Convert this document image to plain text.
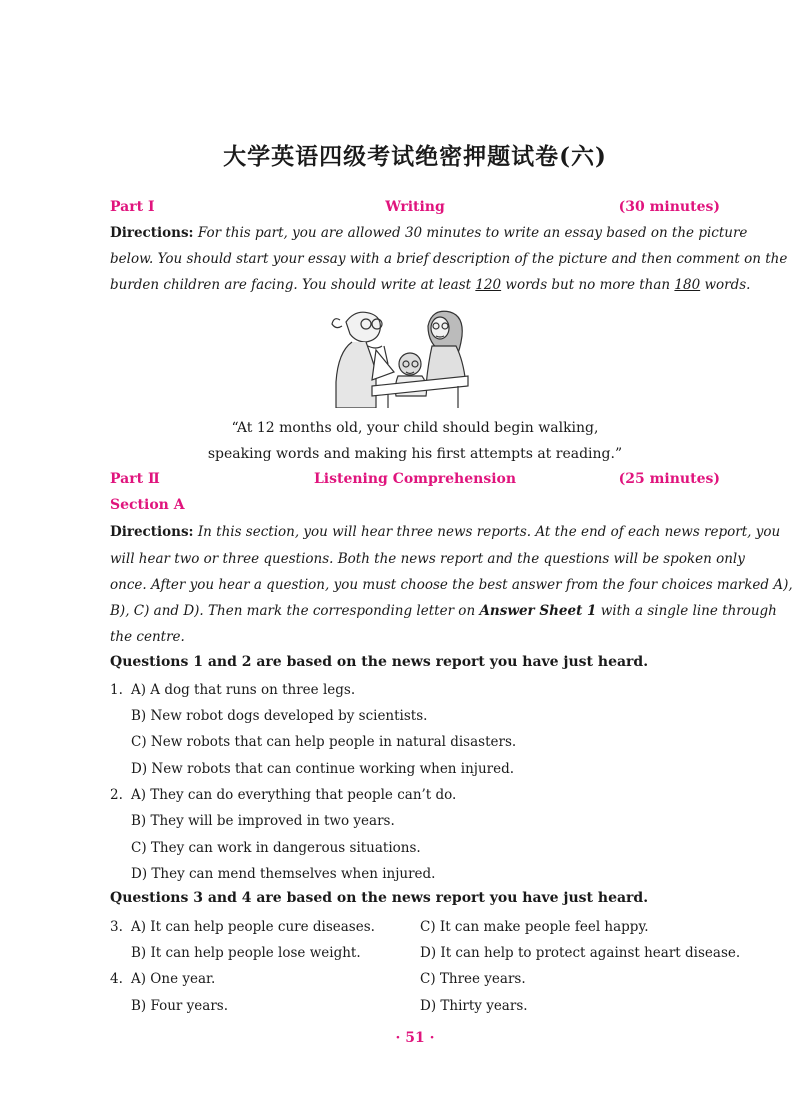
大学英语四级考试绝密押题试卷(六)
Part Ⅰ	Writing	(30 minutes)
Directions: For this part, you are allowed 30 minutes to write an essay based on the picture
below. You should start your essay with a brief description of the picture and then comment on the
burden children are facing. You should write at least 120 words but no more than 180 words.
“At 12 months old, your child should begin walking,
speaking words and making his first attempts at reading.”
Part Ⅱ	Listening Comprehension	(25 minutes)
Section A
Directions: In this section, you will hear three news reports. At the end of each news report, you
will hear two or three questions. Both the news report and the questions will be spoken only
once. After you hear a question, you must choose the best answer from the four choices marked A),
B), C) and D). Then mark the corresponding letter on Answer Sheet 1 with a single line through
the centre.
Questions 1 and 2 are based on the news report you have just heard.
1. A) A dog that runs on three legs.
B) New robot dogs developed by scientists.
C) New robots that can help people in natural disasters.
D) New robots that can continue working when injured.
2. A) They can do everything that people can’t do.
B) They will be improved in two years.
C) They can work in dangerous situations.
D) They can mend themselves when injured.
Questions 3 and 4 are based on the news report you have just heard.
3. A) It can help people cure diseases.	C) It can make people feel happy.
B) It can help people lose weight.	D) It can help to protect against heart disease.
4. A) One year.	C) Three years.
B) Four years.	D) Thirty years.
· 51 ·
